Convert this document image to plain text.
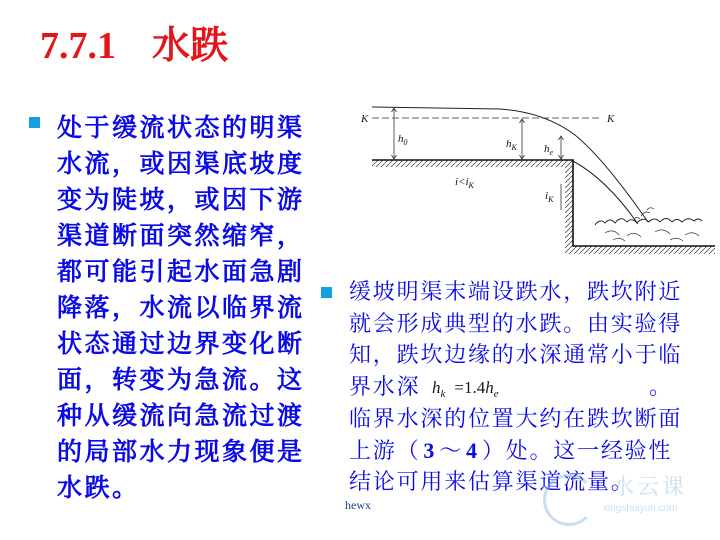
7.7.1 水跌
处于缓流状态的明渠
水流，或因渠底坡度
变为陡坡，或因下游
渠道断面突然缩窄，
都可能引起水面急剧
降落，水流以临界流
状态通过边界变化断
面，转变为急流。这
种从缓流向急流过渡
的局部水力现象便是
水跌。
K	K
$h_0$	$h_K$ $h_e$
$i<i_K$
$i_K$
缓坡明渠末端设跌水，跌坎附近
就会形成典型的水跌。由实验得
知，跌坎边缘的水深通常小于临
界水深 $h_k =1.4h_e$	。
临界水深的位置大约在跌坎断面
上游（ 3 ～ 4 ）处。这一经验性
结论可用来估算渠道流量。
hewx
水云课
xingshuiyun.com
